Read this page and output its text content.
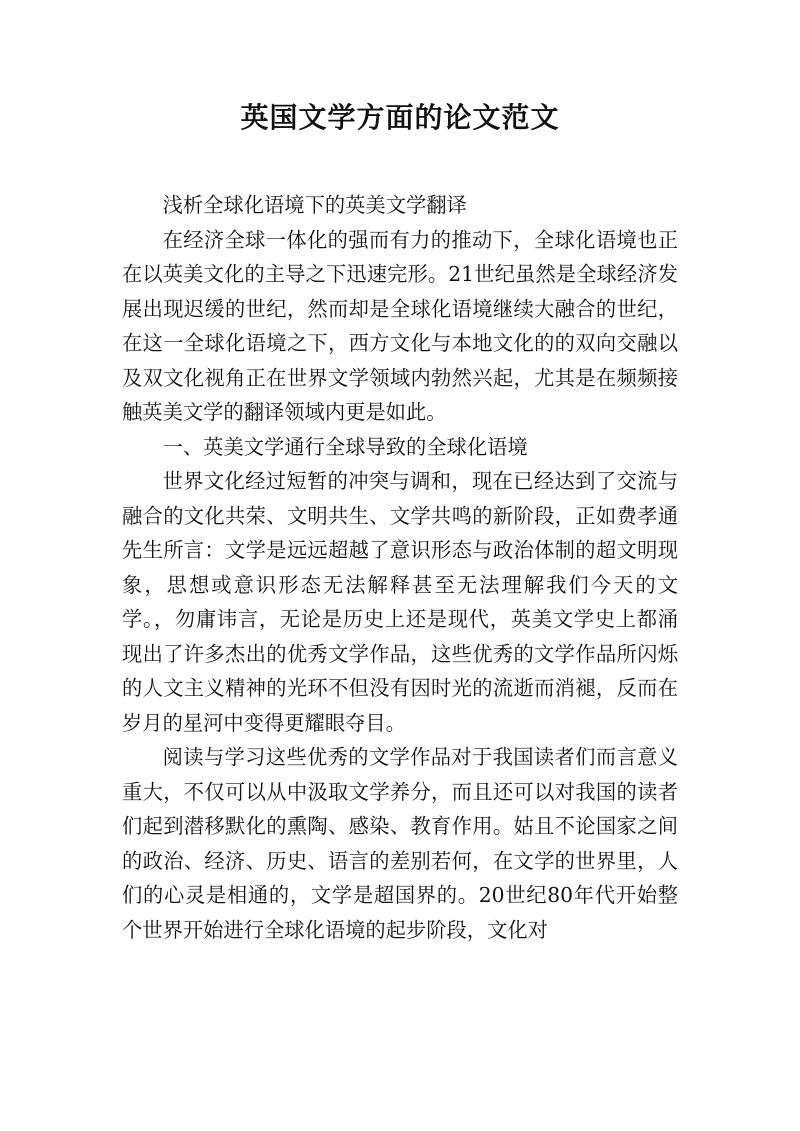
英国文学方面的论文范文

浅析全球化语境下的英美文学翻译

在经济全球一体化的强而有力的推动下，全球化语境也正在以英美文化的主导之下迅速完形。21世纪虽然是全球经济发展出现迟缓的世纪，然而却是全球化语境继续大融合的世纪，在这一全球化语境之下，西方文化与本地文化的的双向交融以及双文化视角正在世界文学领域内勃然兴起，尤其是在频频接触英美文学的翻译领域内更是如此。

一、英美文学通行全球导致的全球化语境

世界文化经过短暂的冲突与调和，现在已经达到了交流与融合的文化共荣、文明共生、文学共鸣的新阶段，正如费孝通先生所言：文学是远远超越了意识形态与政治体制的超文明现象，思想或意识形态无法解释甚至无法理解我们今天的文学。，勿庸讳言，无论是历史上还是现代，英美文学史上都涌现出了许多杰出的优秀文学作品，这些优秀的文学作品所闪烁的人文主义精神的光环不但没有因时光的流逝而消褪，反而在岁月的星河中变得更耀眼夺目。

阅读与学习这些优秀的文学作品对于我国读者们而言意义重大，不仅可以从中汲取文学养分，而且还可以对我国的读者们起到潜移默化的熏陶、感染、教育作用。姑且不论国家之间的政治、经济、历史、语言的差别若何，在文学的世界里，人们的心灵是相通的，文学是超国界的。20世纪80年代开始整个世界开始进行全球化语境的起步阶段，文化对
